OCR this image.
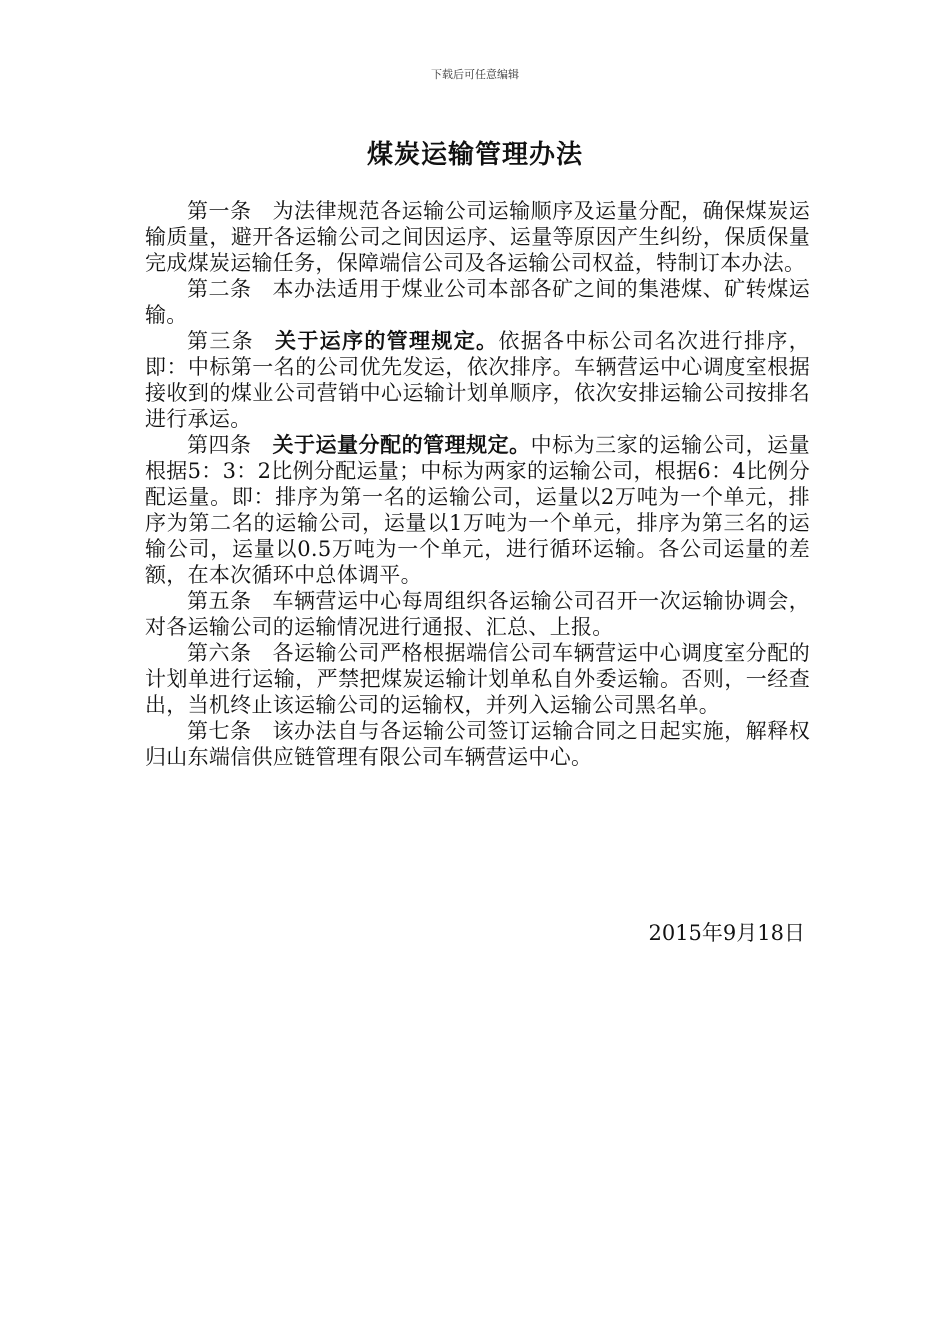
下载后可任意编辑
煤炭运输管理办法

第一条 为法律规范各运输公司运输顺序及运量分配，确保煤炭运输质量，避开各运输公司之间因运序、运量等原因产生纠纷，保质保量完成煤炭运输任务，保障端信公司及各运输公司权益，特制订本办法。

第二条 本办法适用于煤业公司本部各矿之间的集港煤、矿转煤运输。

第三条 关于运序的管理规定。依据各中标公司名次进行排序，即：中标第一名的公司优先发运，依次排序。车辆营运中心调度室根据接收到的煤业公司营销中心运输计划单顺序，依次安排运输公司按排名进行承运。

第四条 关于运量分配的管理规定。中标为三家的运输公司，运量根据5：3：2比例分配运量；中标为两家的运输公司，根据6：4比例分配运量。即：排序为第一名的运输公司，运量以2万吨为一个单元，排序为第二名的运输公司，运量以1万吨为一个单元，排序为第三名的运输公司，运量以0.5万吨为一个单元，进行循环运输。各公司运量的差额，在本次循环中总体调平。

第五条 车辆营运中心每周组织各运输公司召开一次运输协调会，对各运输公司的运输情况进行通报、汇总、上报。

第六条 各运输公司严格根据端信公司车辆营运中心调度室分配的计划单进行运输，严禁把煤炭运输计划单私自外委运输。否则，一经查出，当机终止该运输公司的运输权，并列入运输公司黑名单。

第七条 该办法自与各运输公司签订运输合同之日起实施，解释权归山东端信供应链管理有限公司车辆营运中心。

2015年9月18日
